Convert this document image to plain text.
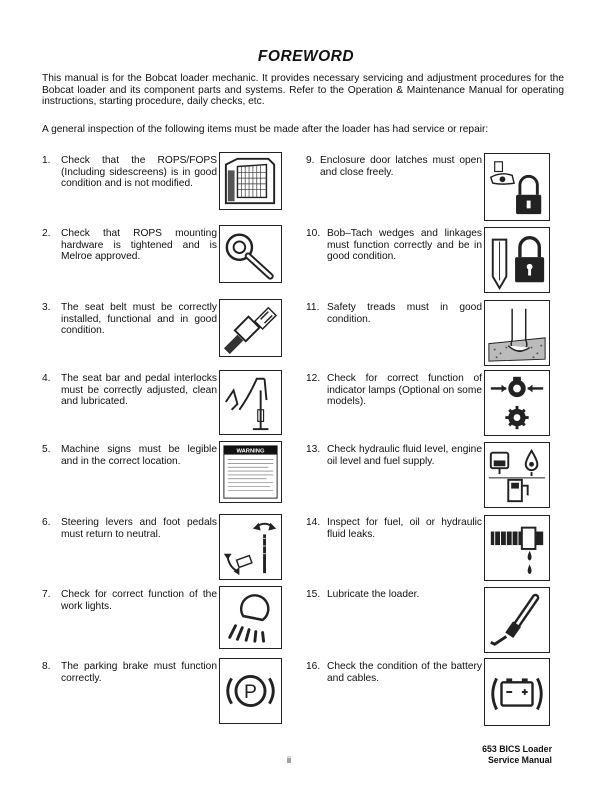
FOREWORD
This manual is for the Bobcat loader mechanic. It provides necessary servicing and adjustment procedures for the Bobcat loader and its component parts and systems. Refer to the Operation & Maintenance Manual for operating instructions, starting procedure, daily checks, etc.
A general inspection of the following items must be made after the loader has had service or repair:
1. Check that the ROPS/FOPS (Including sidescreens) is in good condition and is not modified.
2. Check that ROPS mounting hardware is tightened and is Melroe approved.
3. The seat belt must be correctly installed, functional and in good condition.
4. The seat bar and pedal interlocks must be correctly adjusted, clean and lubricated.
5. Machine signs must be legible and in the correct location.
WARNING
6. Steering levers and foot pedals must return to neutral.
7. Check for correct function of the work lights.
8. The parking brake must function correctly.
P
9. Enclosure door latches must open and close freely.
10. Bob–Tach wedges and linkages must function correctly and be in good condition.
11. Safety treads must in good condition.
12. Check for correct function of indicator lamps (Optional on some models).
13. Check hydraulic fluid level, engine oil level and fuel supply.
14. Inspect for fuel, oil or hydraulic fluid leaks.
15. Lubricate the loader.
16. Check the condition of the battery and cables.
ii
653 BICS Loader
Service Manual
